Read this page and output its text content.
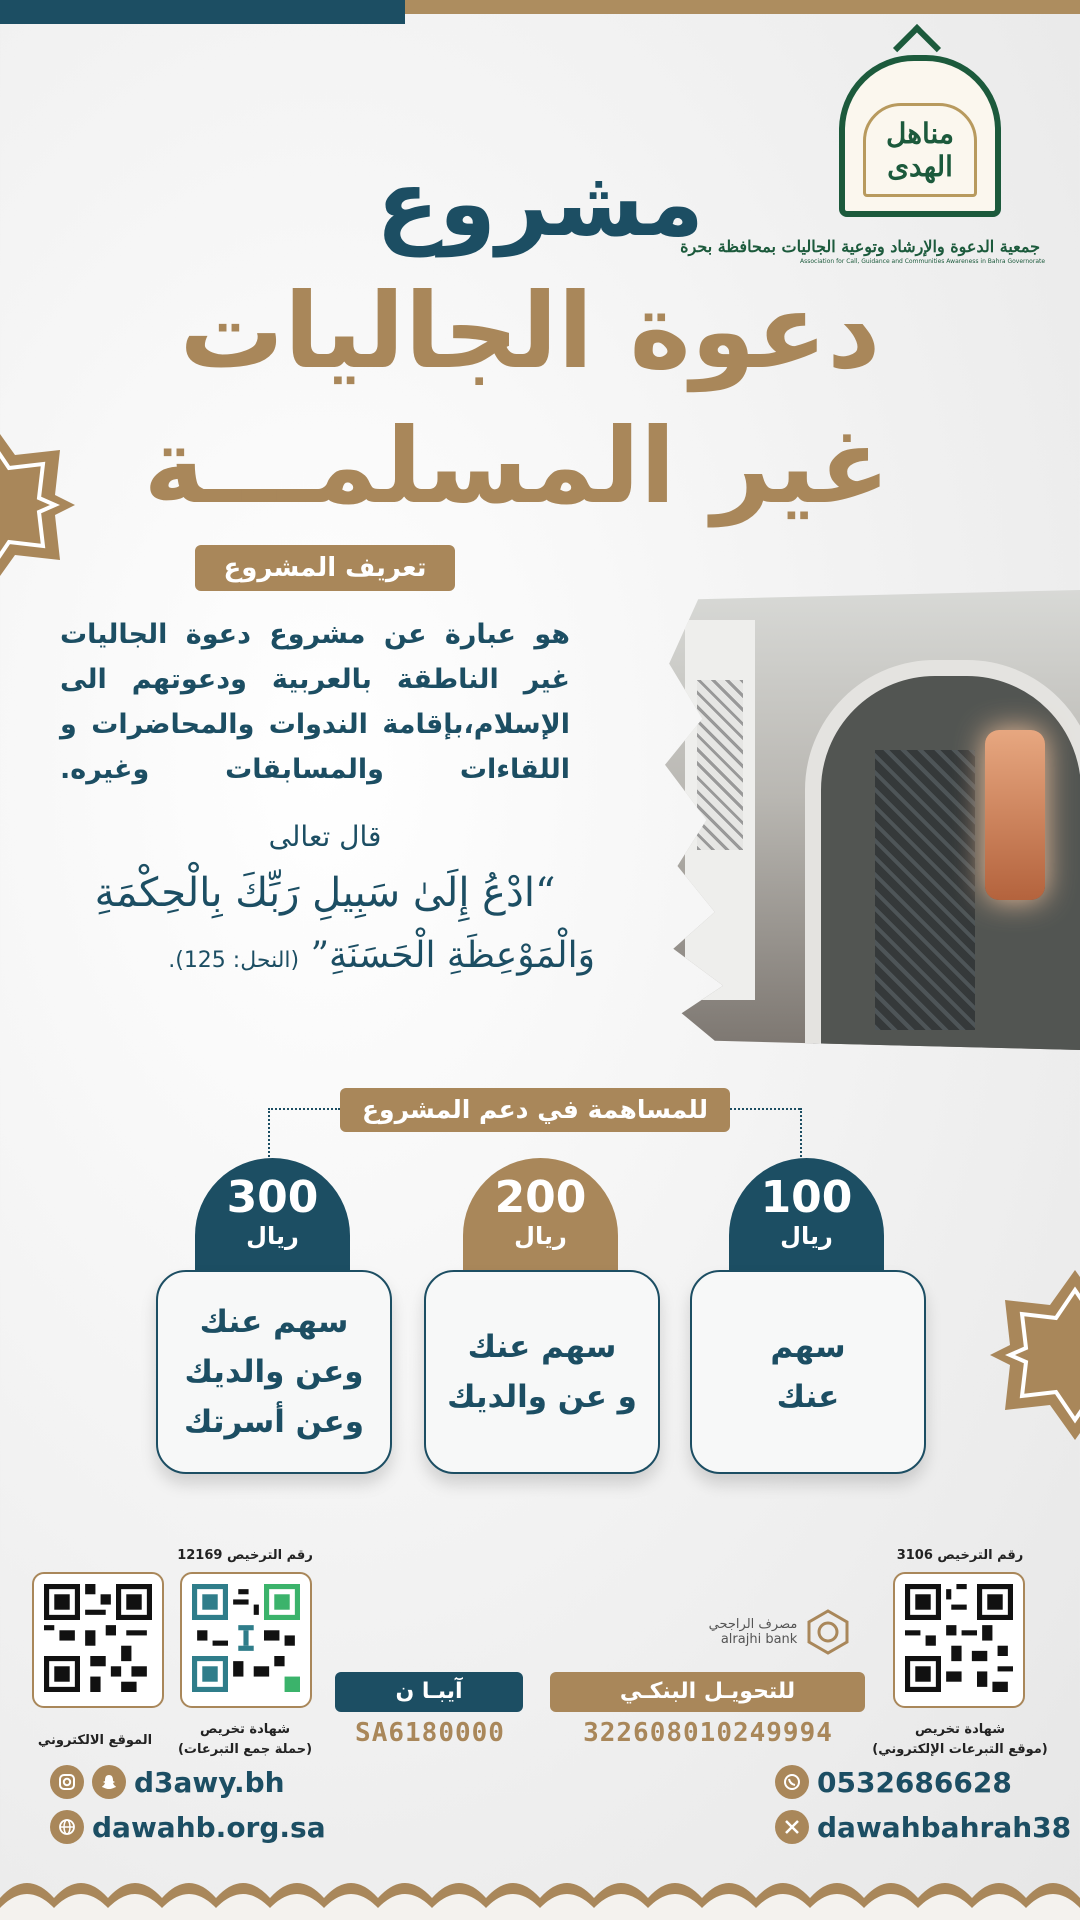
مناهل الهدى
جمعية الدعوة والإرشاد وتوعية الجاليات بمحافظة بحرة
Association for Call, Guidance and Communities Awareness in Bahra Governorate
مشروع
دعوة الجاليات
غير المسلمـــة
تعريف المشروع
هو عبارة عن مشروع دعوة الجاليات غير الناطقة بالعربية ودعوتهم الى الإسلام،بإقامة الندوات والمحاضرات و اللقاءات والمسابقات وغيره.
قال تعالى
“ادْعُ إِلَىٰ سَبِيلِ رَبِّكَ بِالْحِكْمَةِ
وَالْمَوْعِظَةِ الْحَسَنَةِ” (النحل: 125).
للمساهمة في دعم المشروع
100
ريال
سهم
عنك
200
ريال
سهم عنك
و عن والديك
300
ريال
سهم عنك
وعن والديك
وعن أسرتك
رقم الترخيص 3106
شهادة تخريص
(موقع التبرعات الإلكتروني)
مصرف الراجحي
alrajhi bank
للتحويـل البنكـي
322608010249994
آيبـا ن
SA6180000
رقم الترخيص 12169
شهادة تخريص
(حملة جمع التبرعات)
الموقع الالكتروني
0532686628
dawahbahrah38
d3awy.bh
dawahb.org.sa
